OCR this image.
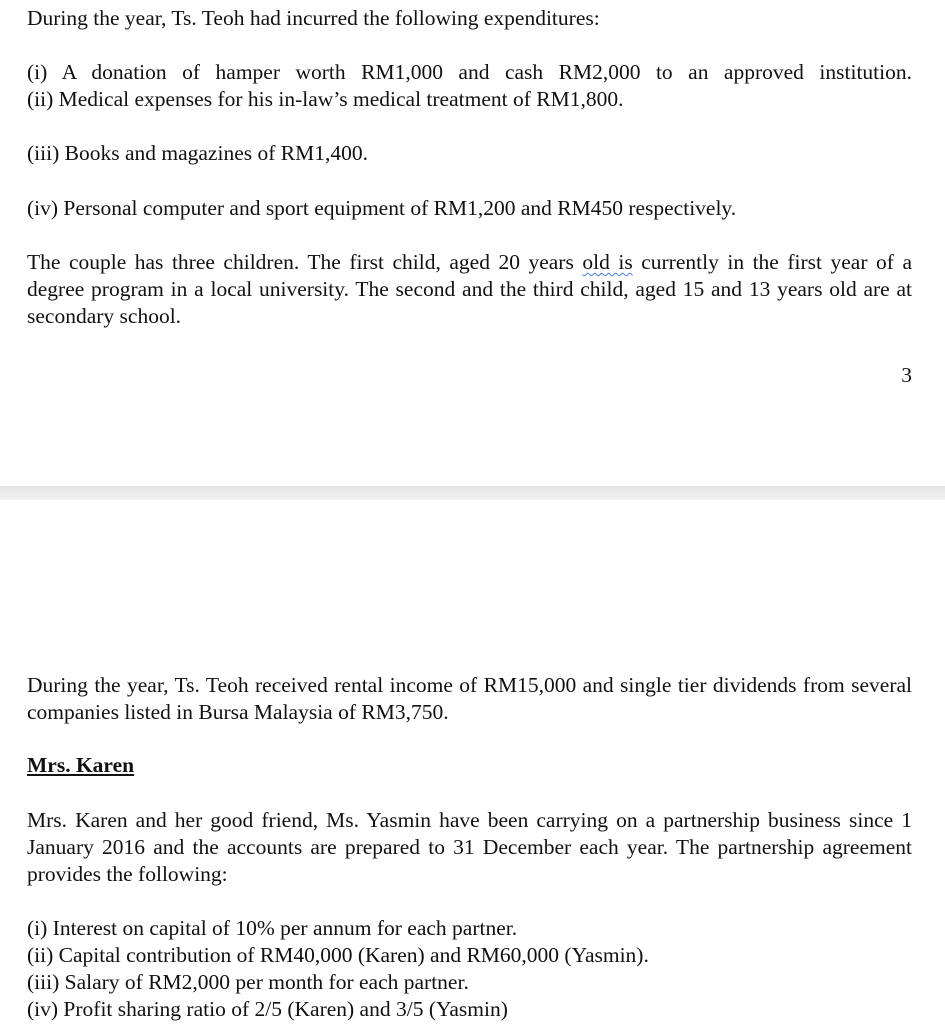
During the year, Ts. Teoh had incurred the following expenditures:

(i) A donation of hamper worth RM1,000 and cash RM2,000 to an approved institution.

(ii) Medical expenses for his in-law’s medical treatment of RM1,800.

(iii) Books and magazines of RM1,400.

(iv) Personal computer and sport equipment of RM1,200 and RM450 respectively.

The couple has three children. The first child, aged 20 years old is currently in the first year of a degree program in a local university. The second and the third child, aged 15 and 13 years old are at secondary school.

3

During the year, Ts. Teoh received rental income of RM15,000 and single tier dividends from several companies listed in Bursa Malaysia of RM3,750.

Mrs. Karen

Mrs. Karen and her good friend, Ms. Yasmin have been carrying on a partnership business since 1 January 2016 and the accounts are prepared to 31 December each year. The partnership agreement provides the following:

(i) Interest on capital of 10% per annum for each partner.

(ii) Capital contribution of RM40,000 (Karen) and RM60,000 (Yasmin).

(iii) Salary of RM2,000 per month for each partner.

(iv) Profit sharing ratio of 2/5 (Karen) and 3/5 (Yasmin)
